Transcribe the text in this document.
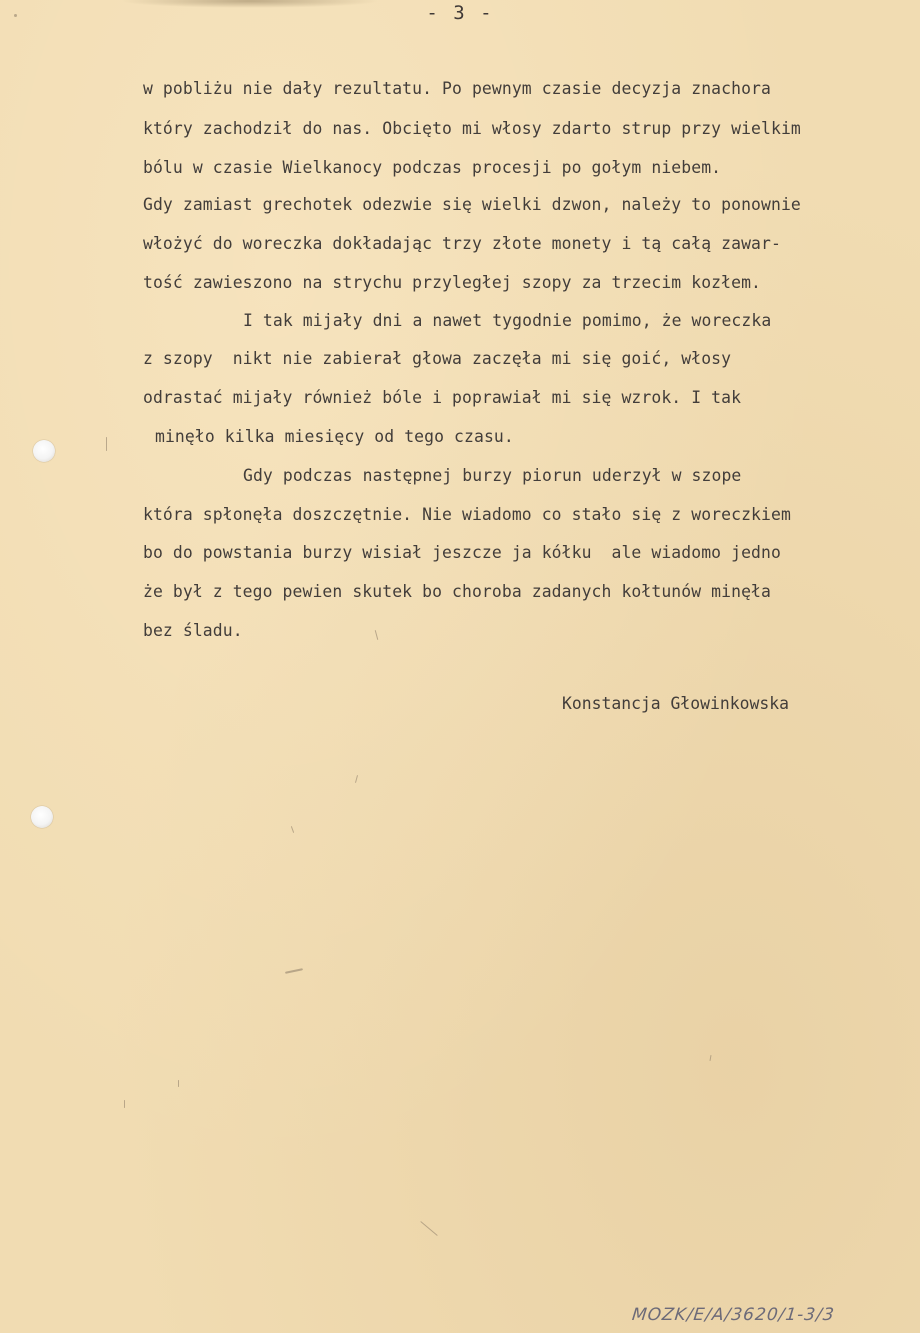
- 3 -
w pobliżu nie dały rezultatu. Po pewnym czasie decyzja znachora
który zachodził do nas. Obcięto mi włosy zdarto strup przy wielkim
bólu w czasie Wielkanocy podczas procesji po gołym niebem.
Gdy zamiast grechotek odezwie się wielki dzwon, należy to ponownie
włożyć do woreczka dokładając trzy złote monety i tą całą zawar-
tość zawieszono na strychu przyległej szopy za trzecim kozłem.
I tak mijały dni a nawet tygodnie pomimo, że woreczka
z szopy  nikt nie zabierał głowa zaczęła mi się goić, włosy
odrastać mijały również bóle i poprawiał mi się wzrok. I tak
minęło kilka miesięcy od tego czasu.
Gdy podczas następnej burzy piorun uderzył w szope
która spłonęła doszczętnie. Nie wiadomo co stało się z woreczkiem
bo do powstania burzy wisiał jeszcze ja kółku  ale wiadomo jedno
że był z tego pewien skutek bo choroba zadanych kołtunów minęła
bez śladu.
Konstancja Głowinkowska
MOZK/E/A/3620/1-3/3
